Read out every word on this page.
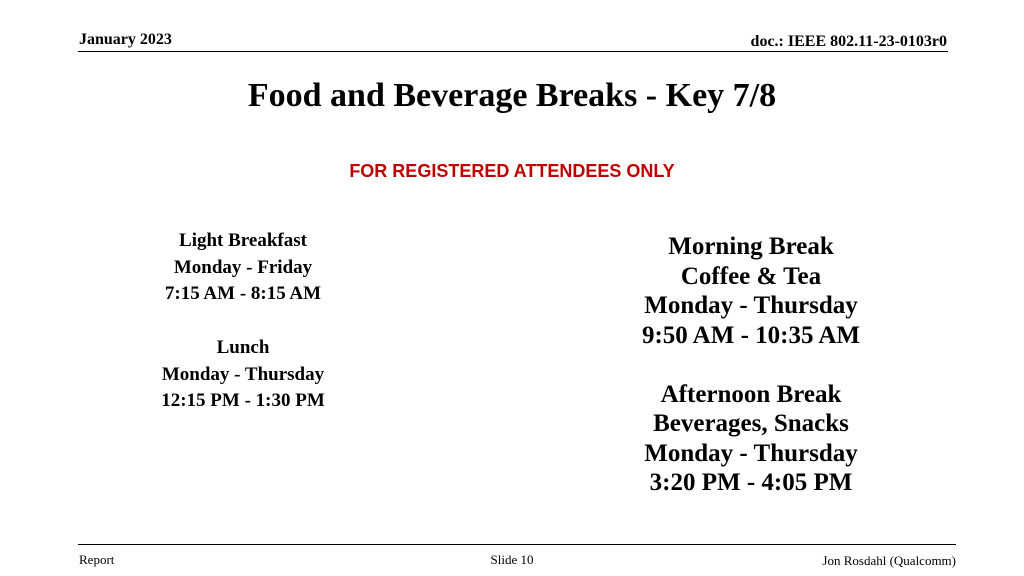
January 2023	doc.: IEEE 802.11-23-0103r0
Food and Beverage Breaks - Key 7/8
FOR REGISTERED ATTENDEES ONLY
Light Breakfast
Monday - Friday
7:15 AM - 8:15 AM
Lunch
Monday - Thursday
12:15 PM - 1:30 PM
Morning Break
Coffee & Tea
Monday - Thursday
9:50 AM - 10:35 AM
Afternoon Break
Beverages, Snacks
Monday - Thursday
3:20 PM - 4:05 PM
Report	Slide 10	Jon Rosdahl (Qualcomm)
